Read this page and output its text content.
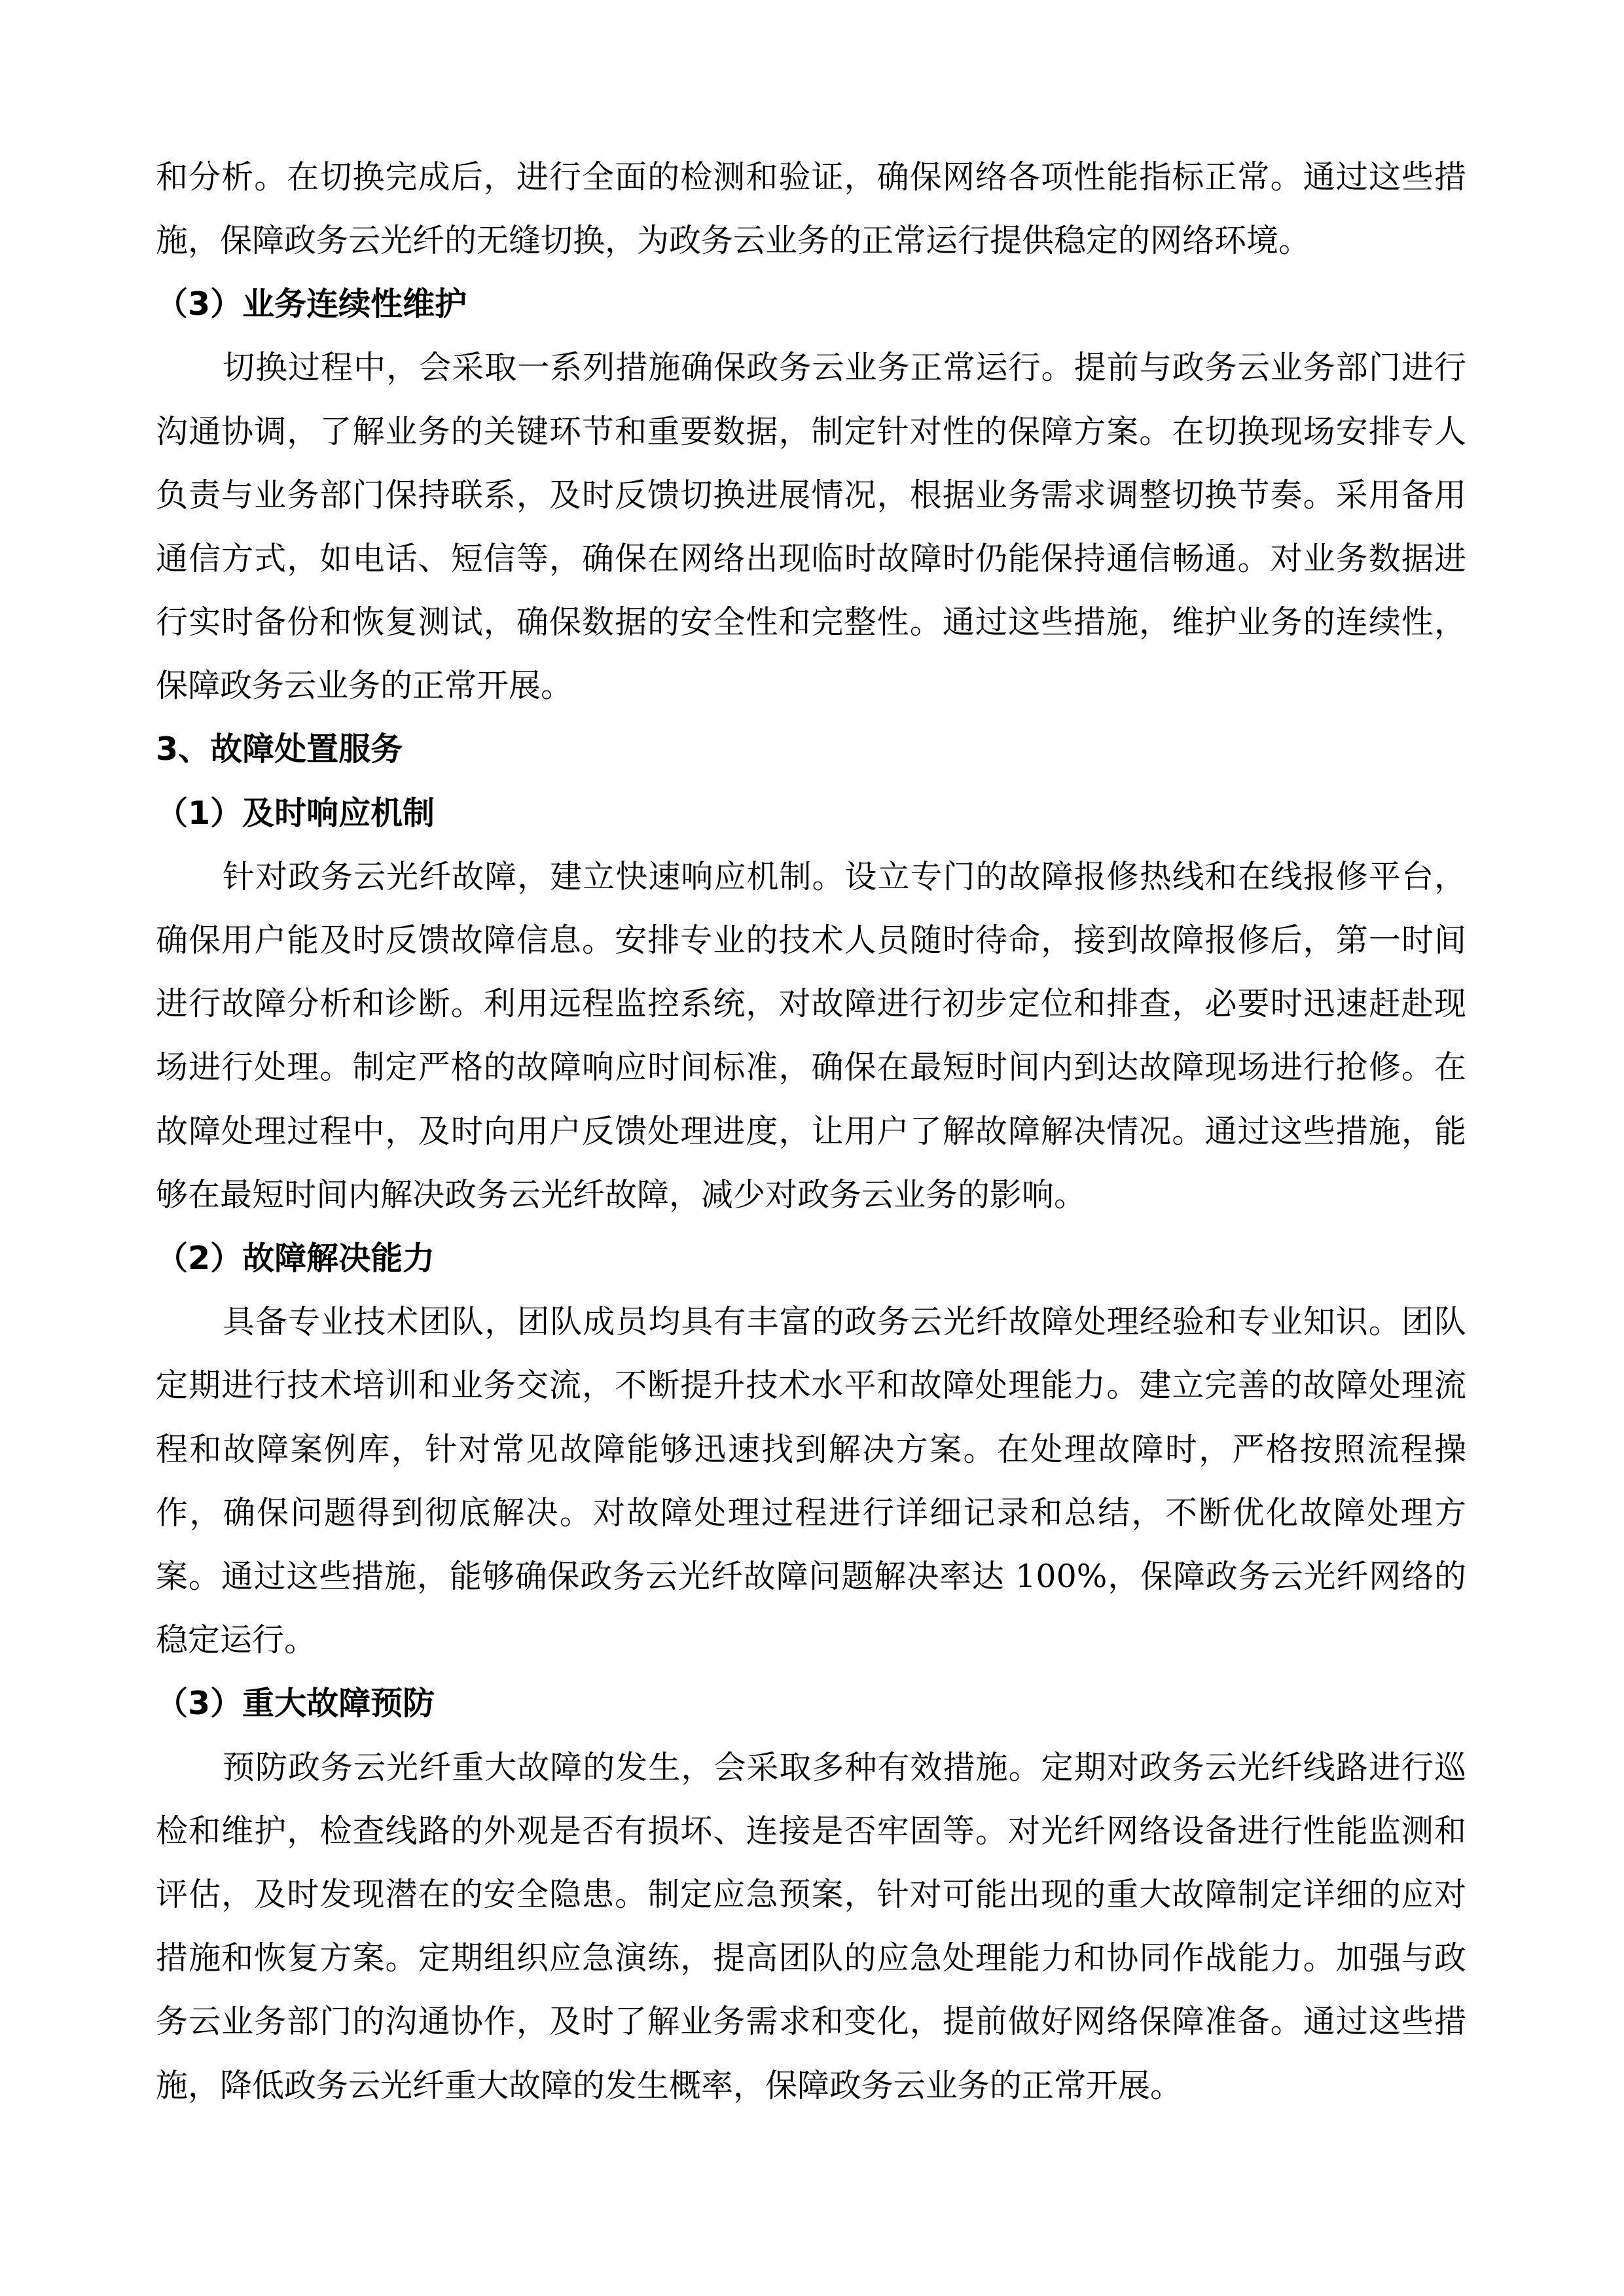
和分析。在切换完成后，进行全面的检测和验证，确保网络各项性能指标正常。通过这些措
施，保障政务云光纤的无缝切换，为政务云业务的正常运行提供稳定的网络环境。
（3）业务连续性维护
切换过程中，会采取一系列措施确保政务云业务正常运行。提前与政务云业务部门进行
沟通协调，了解业务的关键环节和重要数据，制定针对性的保障方案。在切换现场安排专人
负责与业务部门保持联系，及时反馈切换进展情况，根据业务需求调整切换节奏。采用备用
通信方式，如电话、短信等，确保在网络出现临时故障时仍能保持通信畅通。对业务数据进
行实时备份和恢复测试，确保数据的安全性和完整性。通过这些措施，维护业务的连续性，
保障政务云业务的正常开展。
3、故障处置服务
（1）及时响应机制
针对政务云光纤故障，建立快速响应机制。设立专门的故障报修热线和在线报修平台，
确保用户能及时反馈故障信息。安排专业的技术人员随时待命，接到故障报修后，第一时间
进行故障分析和诊断。利用远程监控系统，对故障进行初步定位和排查，必要时迅速赶赴现
场进行处理。制定严格的故障响应时间标准，确保在最短时间内到达故障现场进行抢修。在
故障处理过程中，及时向用户反馈处理进度，让用户了解故障解决情况。通过这些措施，能
够在最短时间内解决政务云光纤故障，减少对政务云业务的影响。
（2）故障解决能力
具备专业技术团队，团队成员均具有丰富的政务云光纤故障处理经验和专业知识。团队
定期进行技术培训和业务交流，不断提升技术水平和故障处理能力。建立完善的故障处理流
程和故障案例库，针对常见故障能够迅速找到解决方案。在处理故障时，严格按照流程操
作，确保问题得到彻底解决。对故障处理过程进行详细记录和总结，不断优化故障处理方
案。通过这些措施，能够确保政务云光纤故障问题解决率达 100%，保障政务云光纤网络的
稳定运行。
（3）重大故障预防
预防政务云光纤重大故障的发生，会采取多种有效措施。定期对政务云光纤线路进行巡
检和维护，检查线路的外观是否有损坏、连接是否牢固等。对光纤网络设备进行性能监测和
评估，及时发现潜在的安全隐患。制定应急预案，针对可能出现的重大故障制定详细的应对
措施和恢复方案。定期组织应急演练，提高团队的应急处理能力和协同作战能力。加强与政
务云业务部门的沟通协作，及时了解业务需求和变化，提前做好网络保障准备。通过这些措
施，降低政务云光纤重大故障的发生概率，保障政务云业务的正常开展。
